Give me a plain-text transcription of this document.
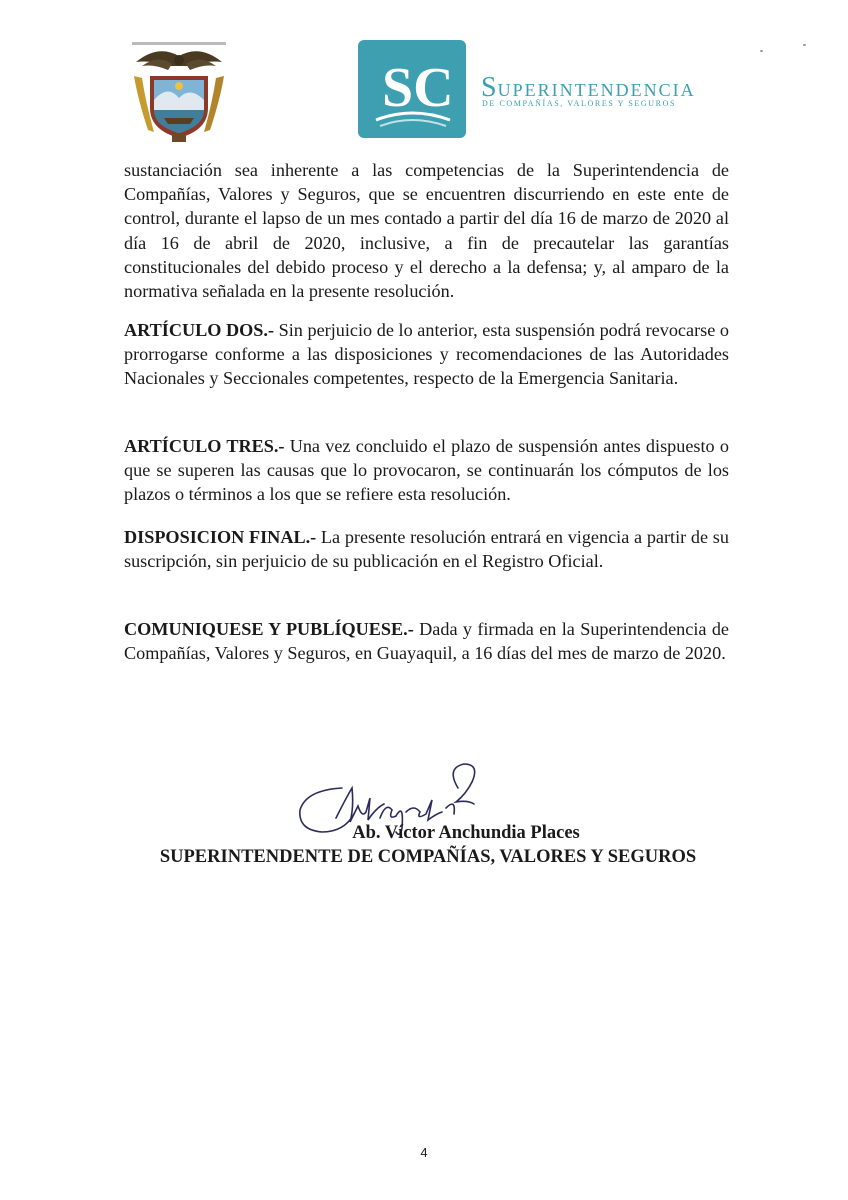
SC SUPERINTENDENCIA
DE COMPAÑÍAS, VALORES Y SEGUROS

sustanciación sea inherente a las competencias de la Superintendencia de Compañías, Valores y Seguros, que se encuentren discurriendo en este ente de control, durante el lapso de un mes contado a partir del día 16 de marzo de 2020 al día 16 de abril de 2020, inclusive, a fin de precautelar las garantías constitucionales del debido proceso y el derecho a la defensa; y, al amparo de la normativa señalada en la presente resolución.

ARTÍCULO DOS.- Sin perjuicio de lo anterior, esta suspensión podrá revocarse o prorrogarse conforme a las disposiciones y recomendaciones de las Autoridades Nacionales y Seccionales competentes, respecto de la Emergencia Sanitaria.

ARTÍCULO TRES.- Una vez concluido el plazo de suspensión antes dispuesto o que se superen las causas que lo provocaron, se continuarán los cómputos de los plazos o términos a los que se refiere esta resolución.

DISPOSICION FINAL.- La presente resolución entrará en vigencia a partir de su suscripción, sin perjuicio de su publicación en el Registro Oficial.

COMUNIQUESE Y PUBLÍQUESE.- Dada y firmada en la Superintendencia de Compañías, Valores y Seguros, en Guayaquil, a 16 días del mes de marzo de 2020.

Ab. Víctor Anchundia Places
SUPERINTENDENTE DE COMPAÑÍAS, VALORES Y SEGUROS
4
